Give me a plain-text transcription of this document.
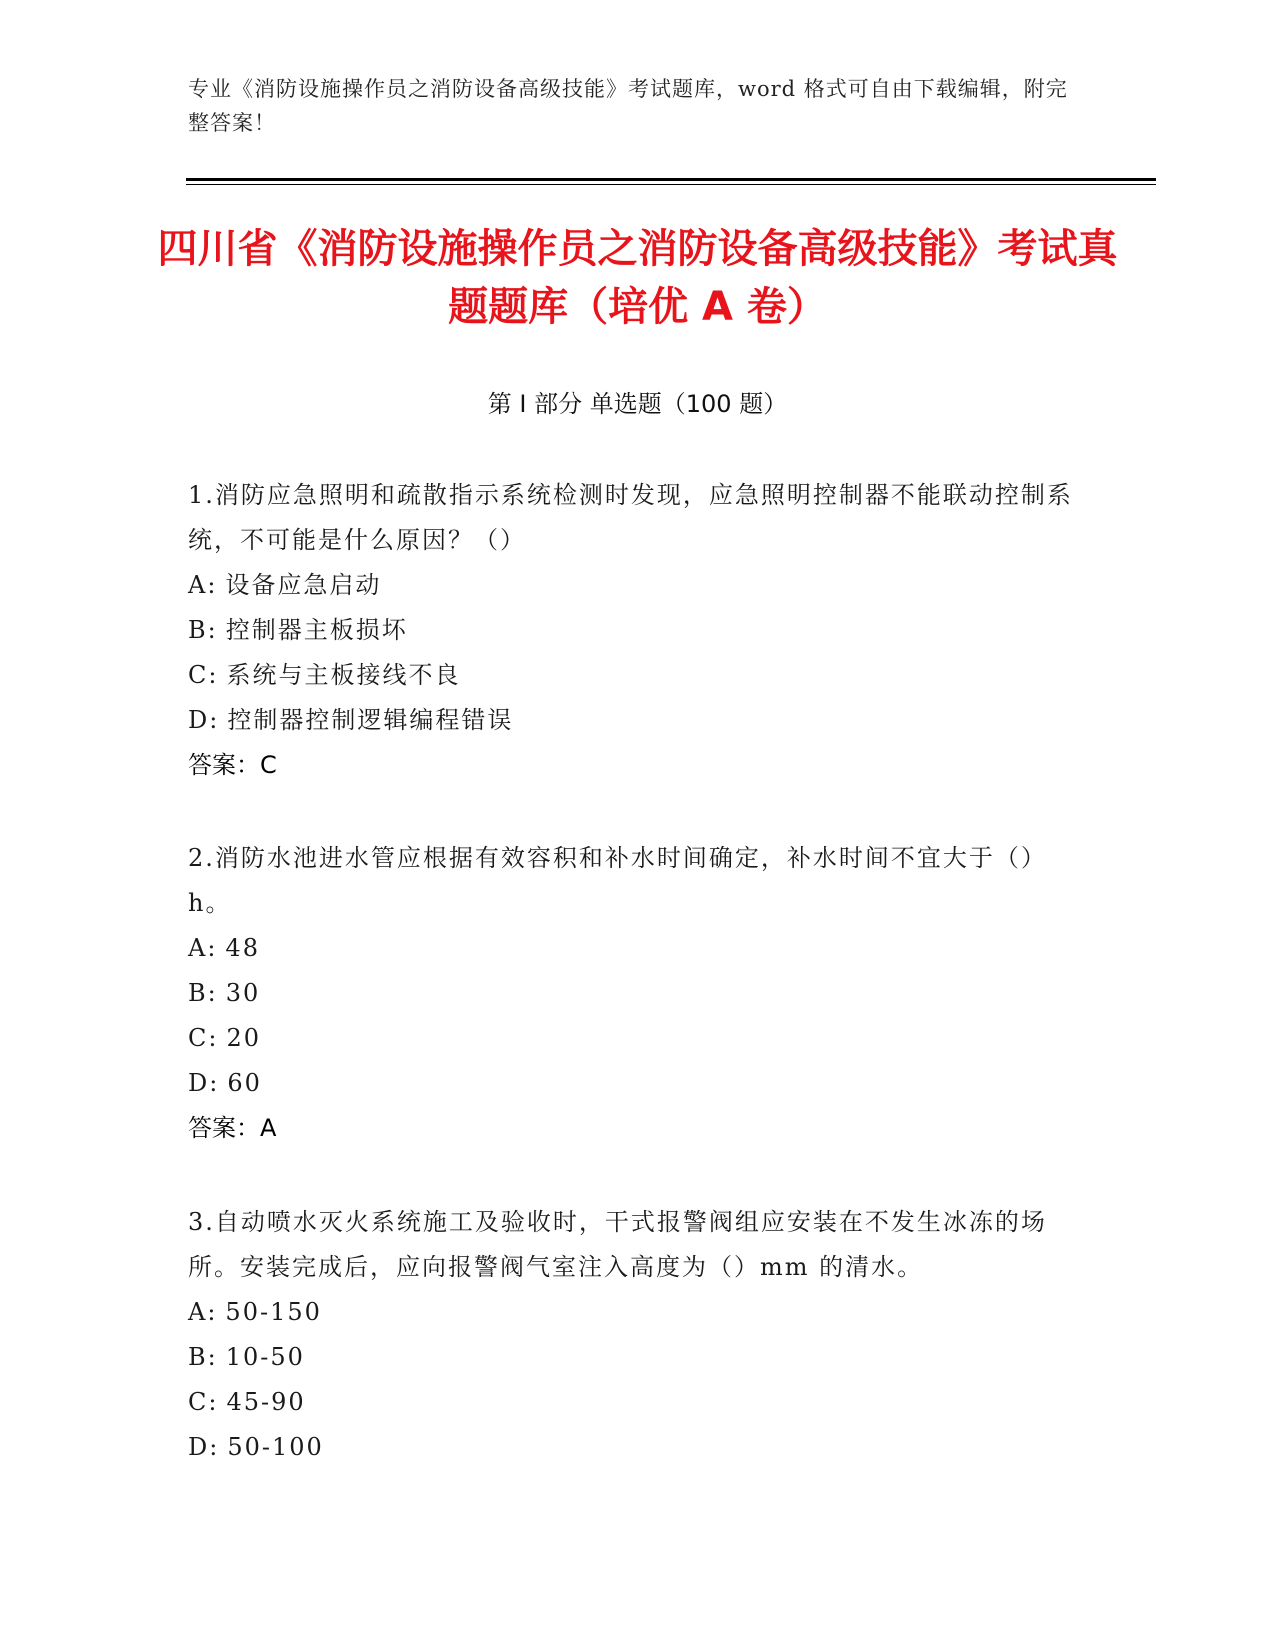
专业《消防设施操作员之消防设备高级技能》考试题库，word 格式可自由下载编辑，附完整答案！
四川省《消防设施操作员之消防设备高级技能》考试真题题库（培优 A 卷）
第 I 部分 单选题（100 题）
1.消防应急照明和疏散指示系统检测时发现，应急照明控制器不能联动控制系统，不可能是什么原因？（）
A: 设备应急启动
B: 控制器主板损坏
C: 系统与主板接线不良
D: 控制器控制逻辑编程错误
答案：C
2.消防水池进水管应根据有效容积和补水时间确定，补水时间不宜大于（）h。
A: 48
B: 30
C: 20
D: 60
答案：A
3.自动喷水灭火系统施工及验收时，干式报警阀组应安装在不发生冰冻的场所。安装完成后，应向报警阀气室注入高度为（）mm 的清水。
A: 50-150
B: 10-50
C: 45-90
D: 50-100
